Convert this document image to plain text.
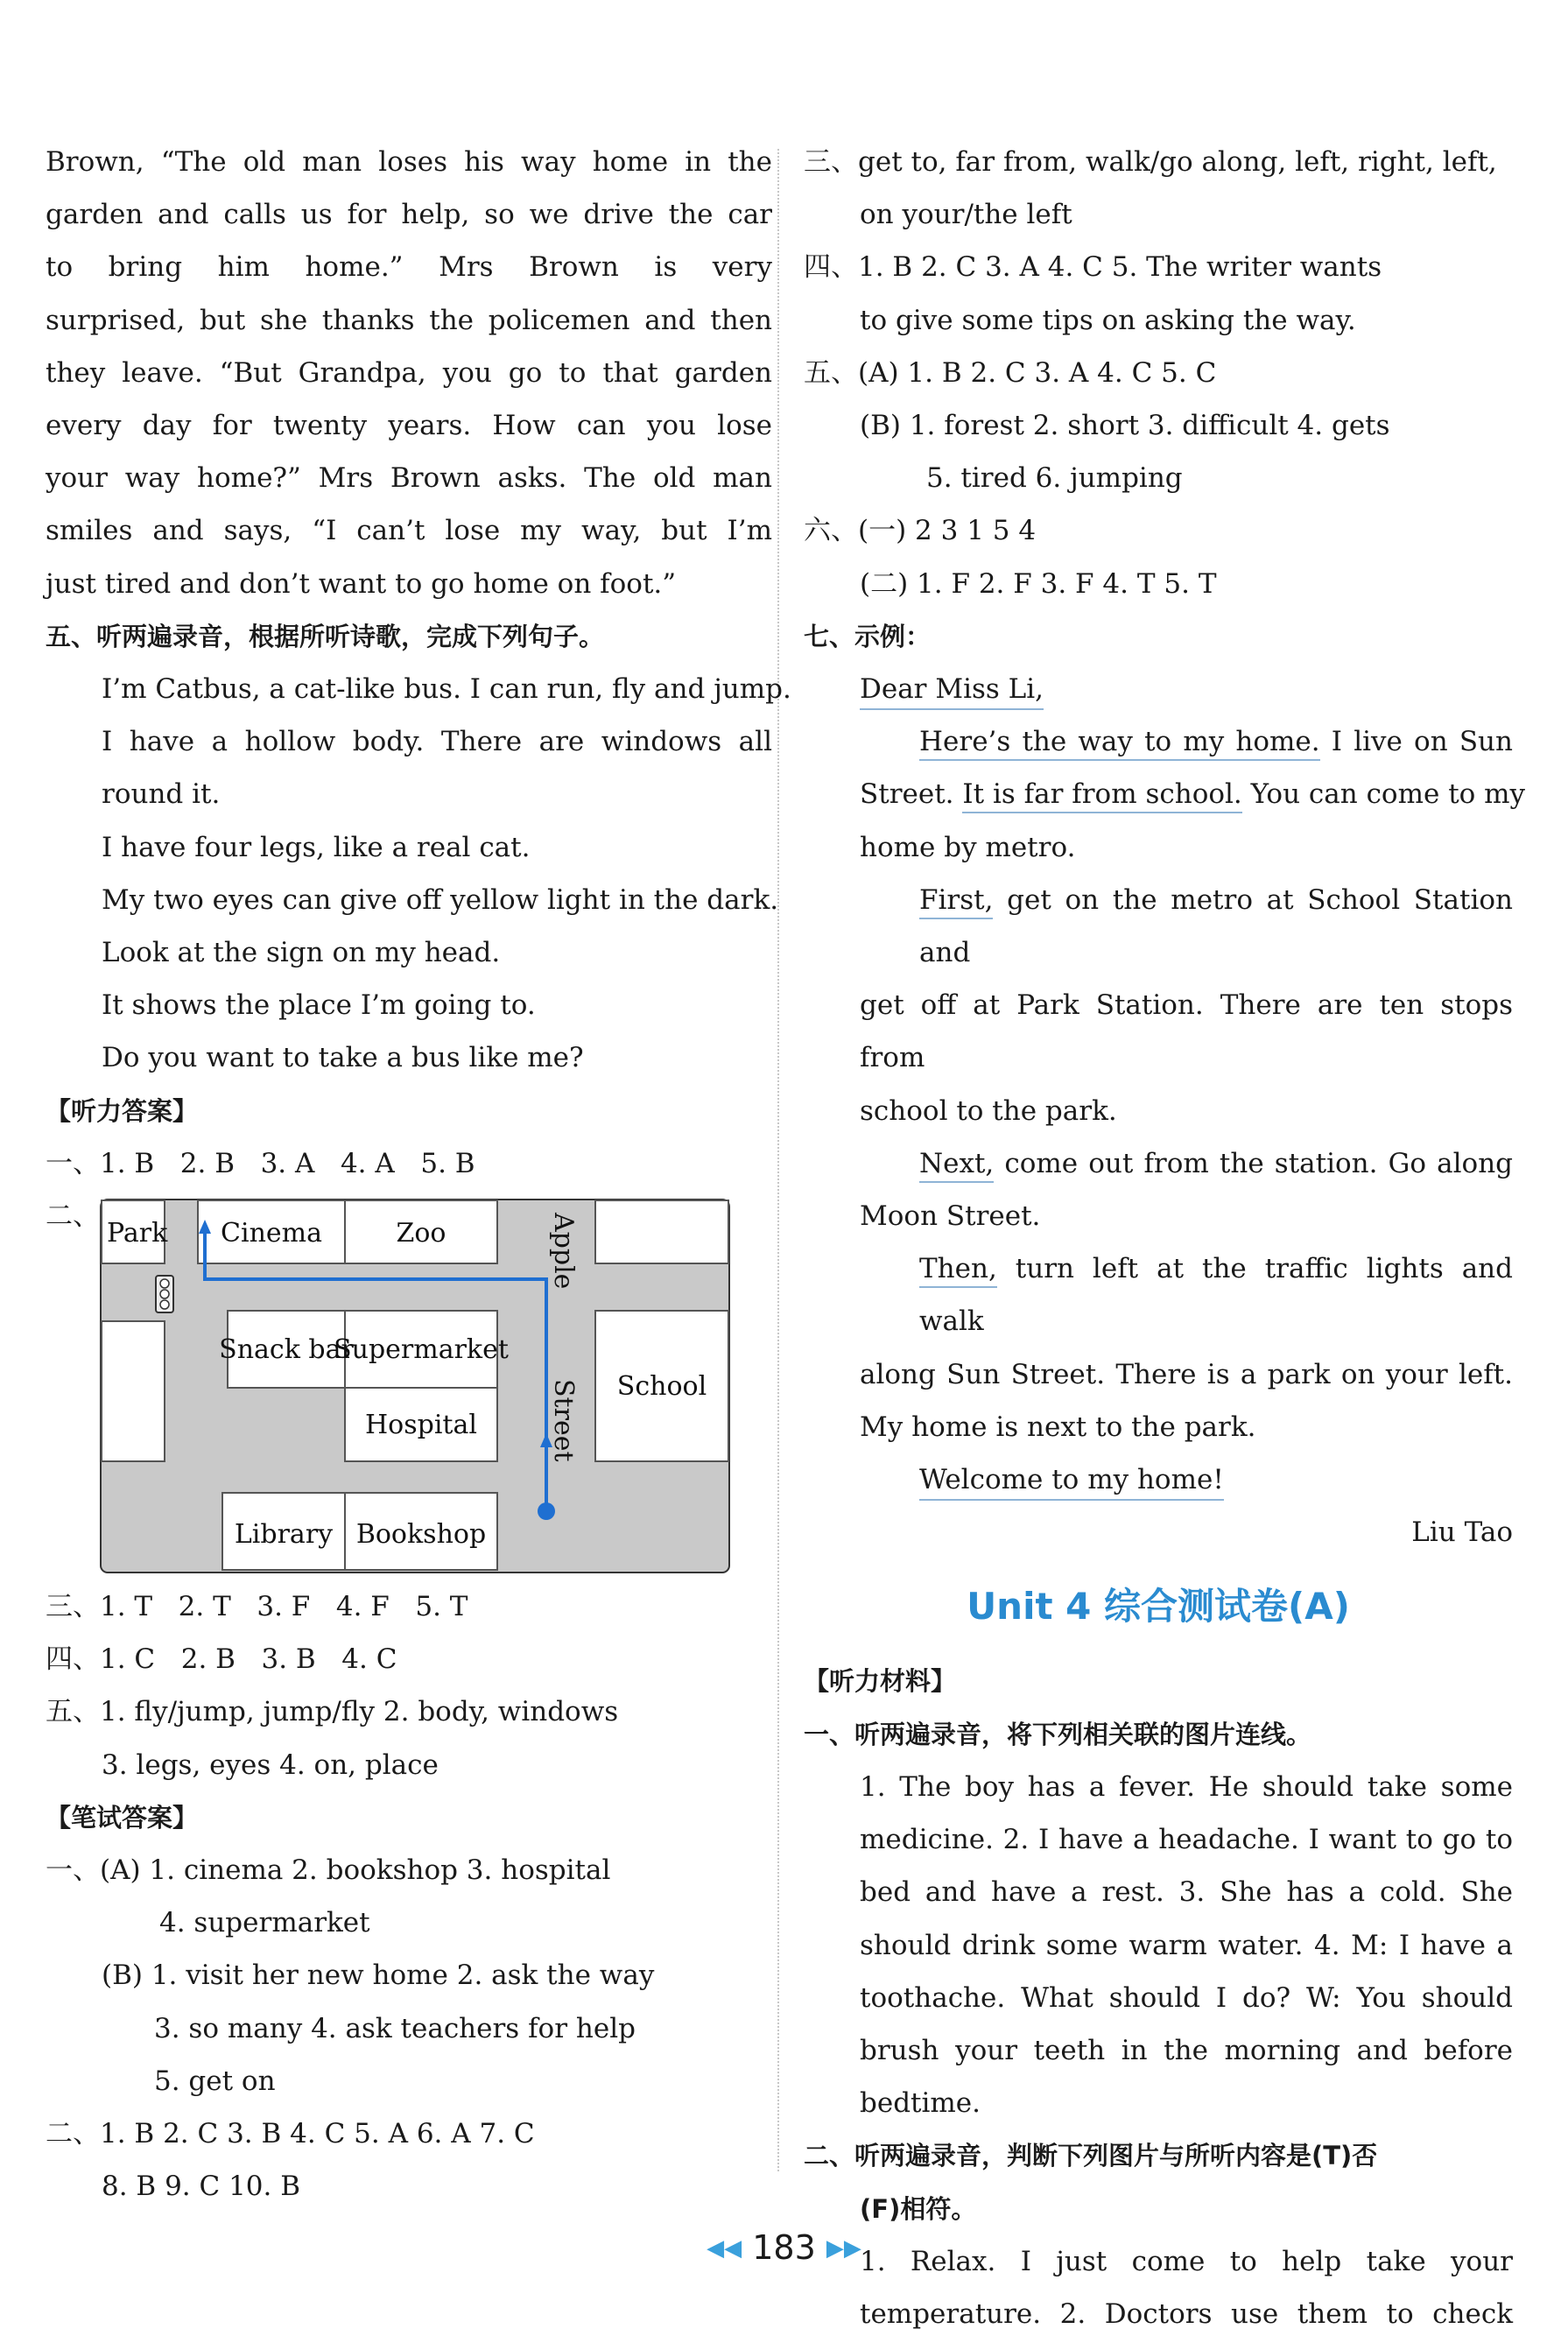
Brown, “The old man loses his way home in the
garden and calls us for help, so we drive the car
to bring him home.” Mrs Brown is very
surprised, but she thanks the policemen and then
they leave. “But Grandpa, you go to that garden
every day for twenty years. How can you lose
your way home?” Mrs Brown asks. The old man
smiles and says, “I can’t lose my way, but I’m
just tired and don’t want to go home on foot.”
五、听两遍录音，根据所听诗歌，完成下列句子。
I’m Catbus, a cat-like bus. I can run, fly and jump.
I have a hollow body. There are windows all
round it.
I have four legs, like a real cat.
My two eyes can give off yellow light in the dark.
Look at the sign on my head.
It shows the place I’m going to.
Do you want to take a bus like me?
【听力答案】
一、1. B 2. B 3. A 4. A 5. B
二、
Park Cinema	Zoo	Apple
Snack bar
Supermarket
School
Hospital	Street
Library Bookshop
三、1. T 2. T 3. F 4. F 5. T
四、1. C 2. B 3. B 4. C
五、1. fly/jump, jump/fly 2. body, windows
3. legs, eyes 4. on, place
【笔试答案】
一、(A) 1. cinema 2. bookshop 3. hospital
4. supermarket
(B) 1. visit her new home 2. ask the way
3. so many 4. ask teachers for help
5. get on
二、1. B 2. C 3. B 4. C 5. A 6. A 7. C
8. B 9. C 10. B
三、get to, far from, walk/go along, left, right, left,
on your/the left
四、1. B 2. C 3. A 4. C 5. The writer wants
to give some tips on asking the way.
五、(A) 1. B 2. C 3. A 4. C 5. C
(B) 1. forest 2. short 3. difficult 4. gets
5. tired 6. jumping
六、(一) 2 3 1 5 4
(二) 1. F 2. F 3. F 4. T 5. T
七、示例：
Dear Miss Li,
Here’s the way to my home. I live on Sun
Street. It is far from school. You can come to my
home by metro.
First, get on the metro at School Station and
get off at Park Station. There are ten stops from
school to the park.
Next, come out from the station. Go along
Moon Street.
Then, turn left at the traffic lights and walk
along Sun Street. There is a park on your left.
My home is next to the park.
Welcome to my home!
Liu Tao
Unit 4 综合测试卷(A)
【听力材料】
一、听两遍录音，将下列相关联的图片连线。
1. The boy has a fever. He should take some
medicine. 2. I have a headache. I want to go to
bed and have a rest. 3. She has a cold. She
should drink some warm water. 4. M: I have a
toothache. What should I do? W: You should
brush your teeth in the morning and before
bedtime.
二、听两遍录音，判断下列图片与所听内容是(T)否
(F)相符。
1. Relax. I just come to help take your
temperature. 2. Doctors use them to check
◀◀ 183 ▶▶
